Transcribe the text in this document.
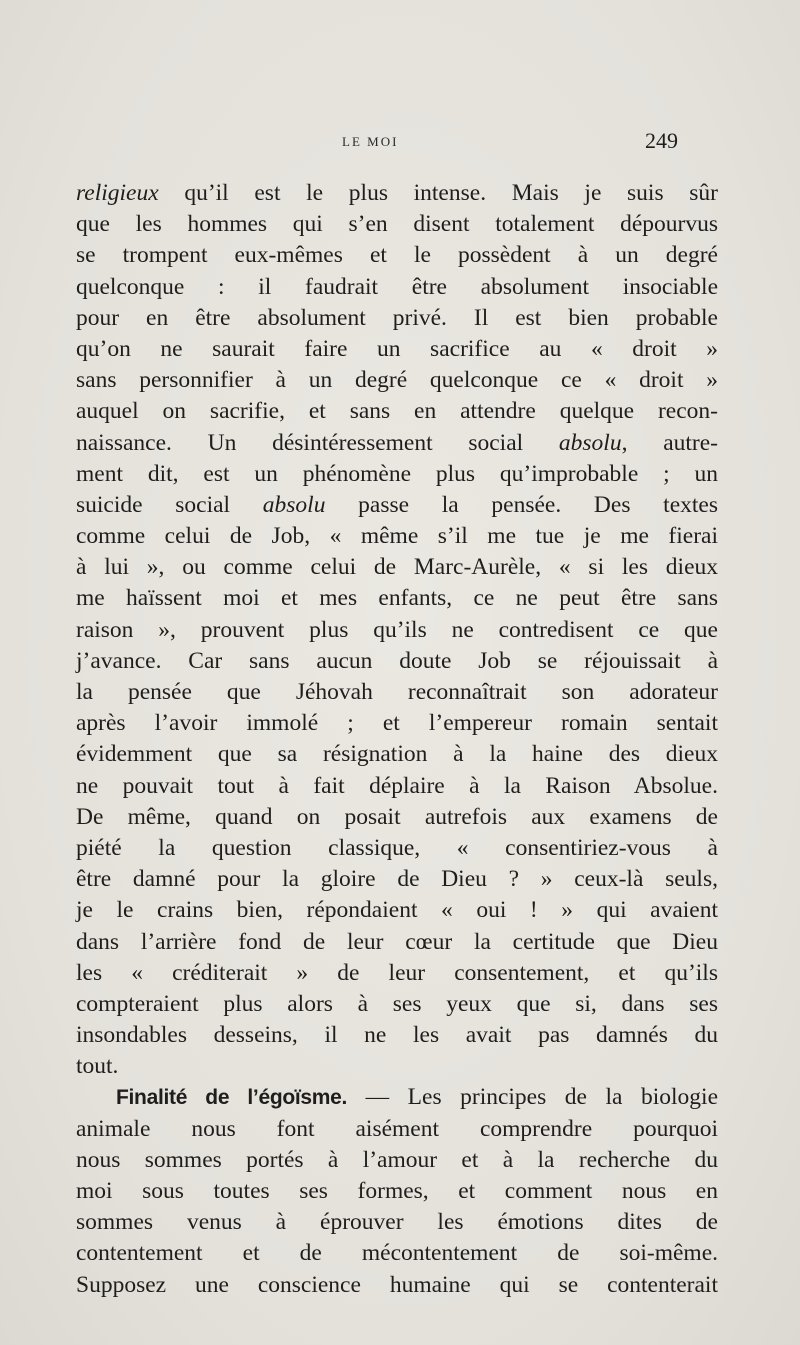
LE MOI	249
religieux qu’il est le plus intense. Mais je suis sûr
que les hommes qui s’en disent totalement dépourvus
se trompent eux-mêmes et le possèdent à un degré
quelconque : il faudrait être absolument insociable
pour en être absolument privé. Il est bien probable
qu’on ne saurait faire un sacrifice au « droit »
sans personnifier à un degré quelconque ce « droit »
auquel on sacrifie, et sans en attendre quelque recon-
naissance. Un désintéressement social absolu, autre-
ment dit, est un phénomène plus qu’improbable ; un
suicide social absolu passe la pensée. Des textes
comme celui de Job, « même s’il me tue je me fierai
à lui », ou comme celui de Marc-Aurèle, « si les dieux
me haïssent moi et mes enfants, ce ne peut être sans
raison », prouvent plus qu’ils ne contredisent ce que
j’avance. Car sans aucun doute Job se réjouissait à
la pensée que Jéhovah reconnaîtrait son adorateur
après l’avoir immolé ; et l’empereur romain sentait
évidemment que sa résignation à la haine des dieux
ne pouvait tout à fait déplaire à la Raison Absolue.
De même, quand on posait autrefois aux examens de
piété la question classique, « consentiriez-vous à
être damné pour la gloire de Dieu ? » ceux-là seuls,
je le crains bien, répondaient « oui ! » qui avaient
dans l’arrière fond de leur cœur la certitude que Dieu
les « créditerait » de leur consentement, et qu’ils
compteraient plus alors à ses yeux que si, dans ses
insondables desseins, il ne les avait pas damnés du
tout.
Finalité de l’égoïsme. — Les principes de la biologie
animale nous font aisément comprendre pourquoi
nous sommes portés à l’amour et à la recherche du
moi sous toutes ses formes, et comment nous en
sommes venus à éprouver les émotions dites de
contentement et de mécontentement de soi-même.
Supposez une conscience humaine qui se contenterait
